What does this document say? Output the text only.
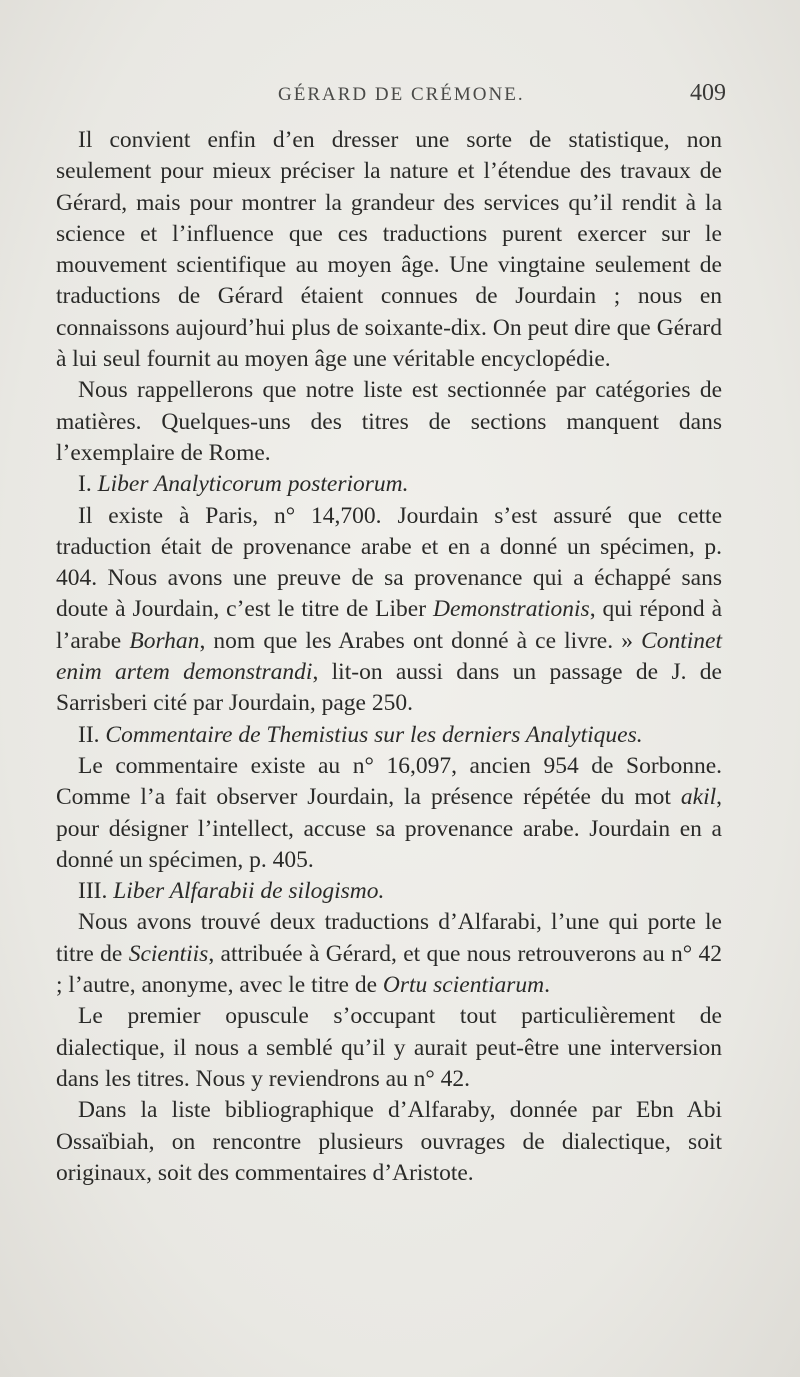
GÉRARD DE CRÉMONE.	409

Il convient enfin d’en dresser une sorte de statistique, non seulement pour mieux préciser la nature et l’étendue des travaux de Gérard, mais pour montrer la grandeur des services qu’il rendit à la science et l’influence que ces traductions purent exercer sur le mouvement scientifique au moyen âge. Une vingtaine seulement de traductions de Gérard étaient connues de Jourdain ; nous en connaissons aujourd’hui plus de soixante-dix. On peut dire que Gérard à lui seul fournit au moyen âge une véritable encyclopédie.

Nous rappellerons que notre liste est sectionnée par catégories de matières. Quelques-uns des titres de sections manquent dans l’exemplaire de Rome.

I. Liber Analyticorum posteriorum.

Il existe à Paris, n° 14,700. Jourdain s’est assuré que cette traduction était de provenance arabe et en a donné un spécimen, p. 404. Nous avons une preuve de sa provenance qui a échappé sans doute à Jourdain, c’est le titre de Liber Demonstrationis, qui répond à l’arabe Borhan, nom que les Arabes ont donné à ce livre. » Continet enim artem demonstrandi, lit-on aussi dans un passage de J. de Sarrisberi cité par Jourdain, page 250.

II. Commentaire de Themistius sur les derniers Analytiques.

Le commentaire existe au n° 16,097, ancien 954 de Sorbonne. Comme l’a fait observer Jourdain, la présence répétée du mot akil, pour désigner l’intellect, accuse sa provenance arabe. Jourdain en a donné un spécimen, p. 405.

III. Liber Alfarabii de silogismo.

Nous avons trouvé deux traductions d’Alfarabi, l’une qui porte le titre de Scientiis, attribuée à Gérard, et que nous retrouverons au n° 42 ; l’autre, anonyme, avec le titre de Ortu scientiarum.

Le premier opuscule s’occupant tout particulièrement de dialectique, il nous a semblé qu’il y aurait peut-être une interversion dans les titres. Nous y reviendrons au n° 42.

Dans la liste bibliographique d’Alfaraby, donnée par Ebn Abi Ossaïbiah, on rencontre plusieurs ouvrages de dialectique, soit originaux, soit des commentaires d’Aristote.
